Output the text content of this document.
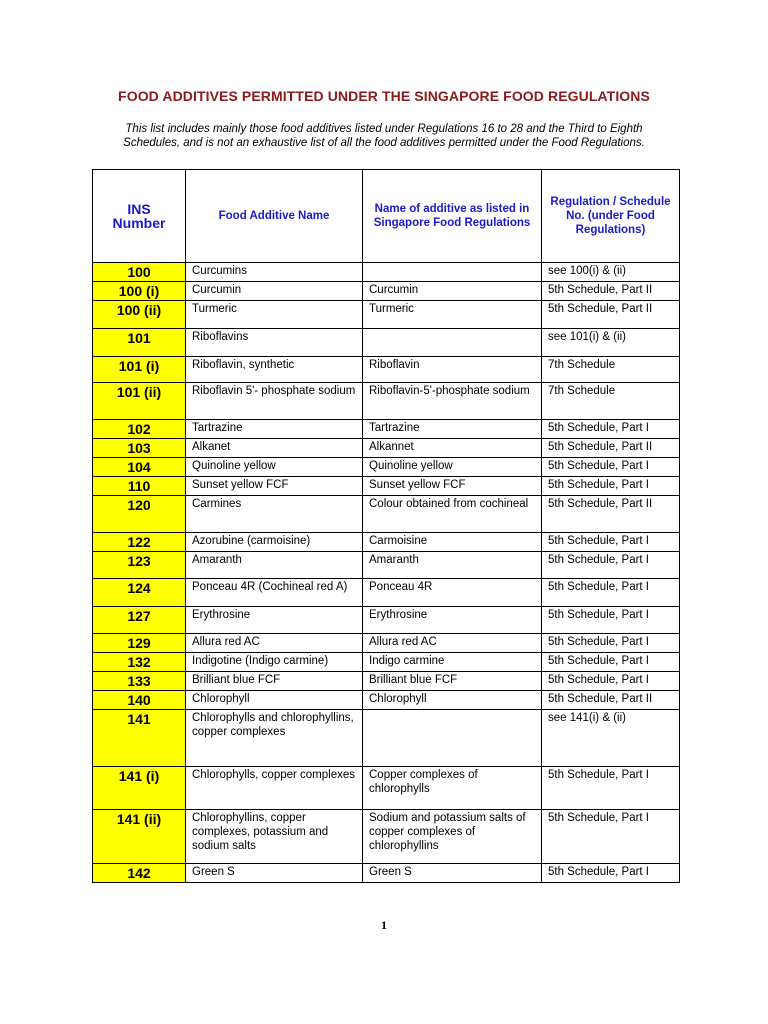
FOOD ADDITIVES PERMITTED UNDER THE SINGAPORE FOOD REGULATIONS
This list includes mainly those food additives listed under Regulations 16 to 28 and the Third to Eighth
Schedules, and is not an exhaustive list of all the food additives permitted under the Food Regulations.
INS Number	Food Additive Name	Name of additive as listed in Singapore Food Regulations	Regulation / Schedule No. (under Food Regulations)
100	Curcumins		see 100(i) & (ii)
100 (i)	Curcumin	Curcumin	5th Schedule, Part II
100 (ii)	Turmeric	Turmeric	5th Schedule, Part II
101	Riboflavins		see 101(i) & (ii)
101 (i)	Riboflavin, synthetic	Riboflavin	7th Schedule
101 (ii)	Riboflavin 5'- phosphate sodium	Riboflavin-5'-phosphate sodium	7th Schedule
102	Tartrazine	Tartrazine	5th Schedule, Part I
103	Alkanet	Alkannet	5th Schedule, Part II
104	Quinoline yellow	Quinoline yellow	5th Schedule, Part I
110	Sunset yellow FCF	Sunset yellow FCF	5th Schedule, Part I
120	Carmines	Colour obtained from cochineal	5th Schedule, Part II
122	Azorubine (carmoisine)	Carmoisine	5th Schedule, Part I
123	Amaranth	Amaranth	5th Schedule, Part I
124	Ponceau 4R (Cochineal red A)	Ponceau 4R	5th Schedule, Part I
127	Erythrosine	Erythrosine	5th Schedule, Part I
129	Allura red AC	Allura red AC	5th Schedule, Part I
132	Indigotine (Indigo carmine)	Indigo carmine	5th Schedule, Part I
133	Brilliant blue FCF	Brilliant blue FCF	5th Schedule, Part I
140	Chlorophyll	Chlorophyll	5th Schedule, Part II
141	Chlorophylls and chlorophyllins, copper complexes		see 141(i) & (ii)
141 (i)	Chlorophylls, copper complexes	Copper complexes of chlorophylls	5th Schedule, Part I
141 (ii)	Chlorophyllins, copper complexes, potassium and sodium salts	Sodium and potassium salts of copper complexes of chlorophyllins	5th Schedule, Part I
142	Green S	Green S	5th Schedule, Part I
1
